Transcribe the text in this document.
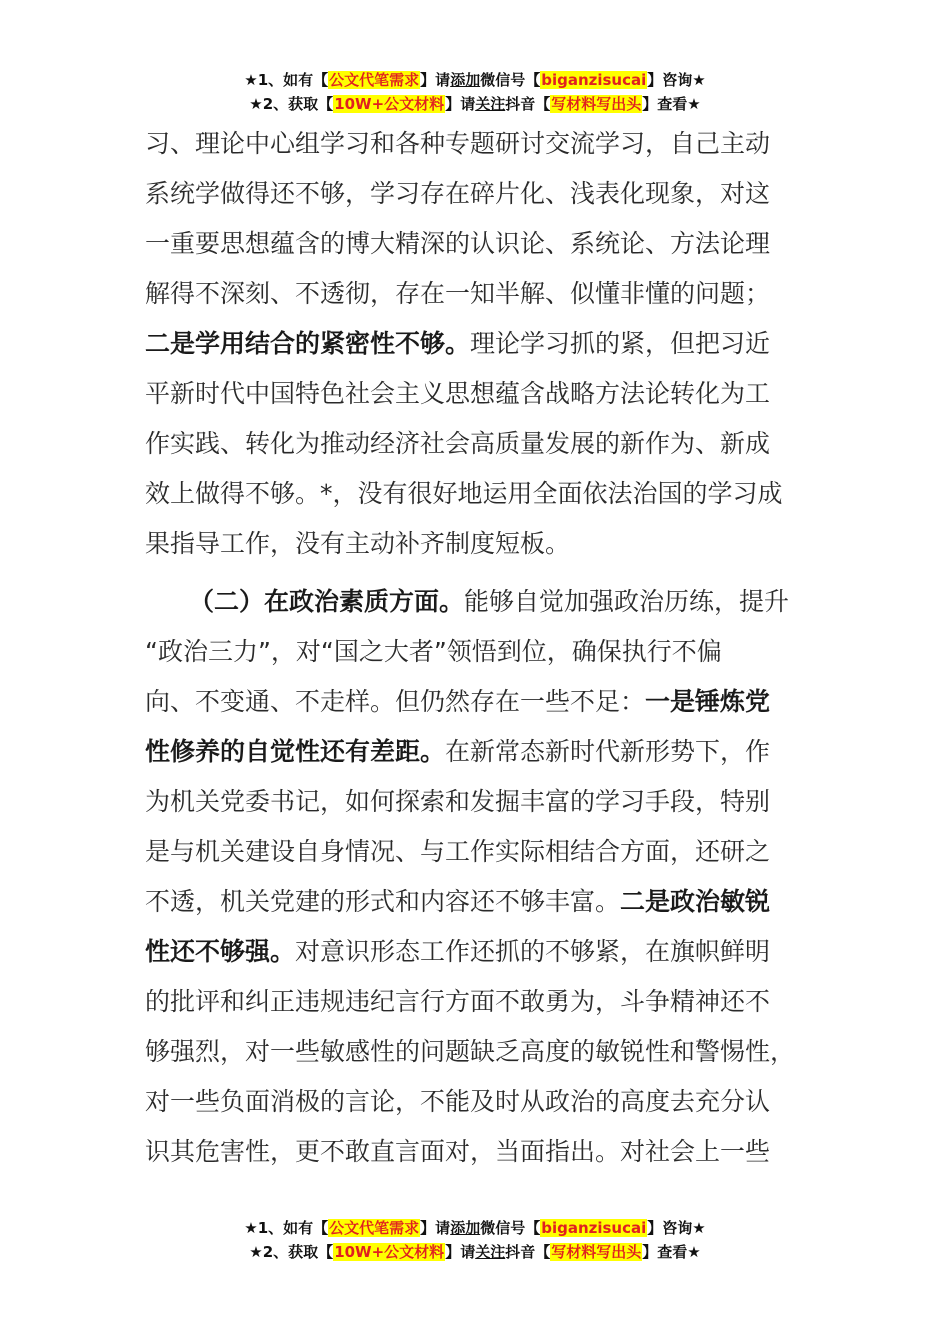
★1、如有【公文代笔需求】请添加微信号【biganzisucai】咨询★
★2、获取【10W+公文材料】请关注抖音【写材料写出头】查看★
习、理论中心组学习和各种专题研讨交流学习，自己主动
系统学做得还不够，学习存在碎片化、浅表化现象，对这
一重要思想蕴含的博大精深的认识论、系统论、方法论理
解得不深刻、不透彻，存在一知半解、似懂非懂的问题；
二是学用结合的紧密性不够。理论学习抓的紧，但把习近
平新时代中国特色社会主义思想蕴含战略方法论转化为工
作实践、转化为推动经济社会高质量发展的新作为、新成
效上做得不够。*，没有很好地运用全面依法治国的学习成
果指导工作，没有主动补齐制度短板。
（二）在政治素质方面。能够自觉加强政治历练，提升
“政治三力”，对“国之大者”领悟到位，确保执行不偏
向、不变通、不走样。但仍然存在一些不足：一是锤炼党
性修养的自觉性还有差距。在新常态新时代新形势下，作
为机关党委书记，如何探索和发掘丰富的学习手段，特别
是与机关建设自身情况、与工作实际相结合方面，还研之
不透，机关党建的形式和内容还不够丰富。二是政治敏锐
性还不够强。对意识形态工作还抓的不够紧，在旗帜鲜明
的批评和纠正违规违纪言行方面不敢勇为，斗争精神还不
够强烈，对一些敏感性的问题缺乏高度的敏锐性和警惕性，
对一些负面消极的言论，不能及时从政治的高度去充分认
识其危害性，更不敢直言面对，当面指出。对社会上一些
★1、如有【公文代笔需求】请添加微信号【biganzisucai】咨询★
★2、获取【10W+公文材料】请关注抖音【写材料写出头】查看★
